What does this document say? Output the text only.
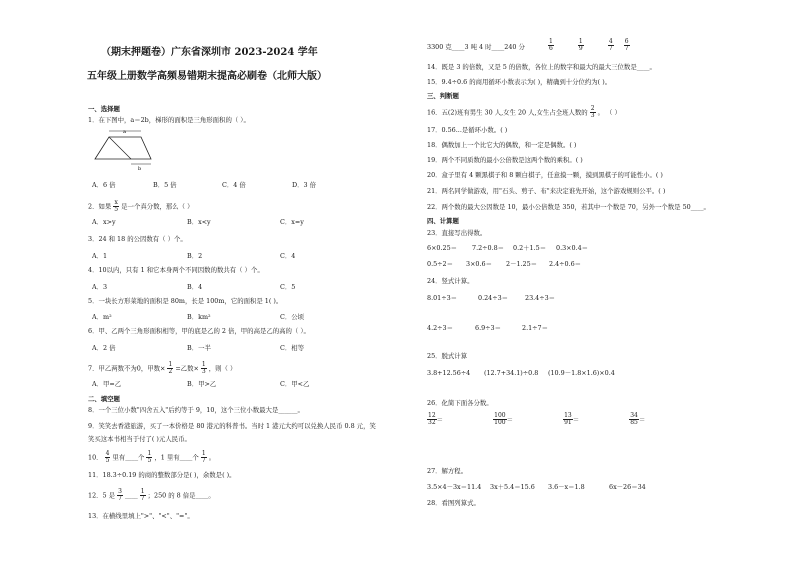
（期末押题卷）广东省深圳市 2023-2024 学年
五年级上册数学高频易错期末提高必刷卷（北师大版）
一、选择题
1．在下图中，a＝2b，梯形的面积是三角形面积的（ ）。
a
b
A．6 倍	B．5 倍	C．4 倍	D．3 倍
2．如果 $\frac{x}{5}$ 是一个真分数，那么（ ）
A．x>y	B．x<y	C．x=y
3．24 和 18 的公因数有（ ）个。
A．1	B．2	C．4
4．10以内，只有 1 和它本身两个不同因数的数共有（ ）个。
A．3	B．4	C．5
5．一块长方形菜地的面积是 80m，长是 100m，它的面积是 1( )。
A．m²	B．km²	C．公顷
6．甲、乙两个三角形面积相等，甲的底是乙的 2 倍，甲的高是乙的高的（ ）。
A．2 倍	B．一半	C．相等
7．甲乙两数不为0，甲数× $\frac{1}{2}$ =乙数× $\frac{1}{3}$ ，则（ ）
A．甲=乙	B．甲>乙	C．甲<乙
二、填空题
8．一个三位小数"四舍五入"后约等于 9，10，这个三位小数最大是______。
9．笑笑去香港旅游，买了一本价格是 80 港元的科普书。当时 1 港元大约可以兑换人民币 0.8 元，笑
笑买这本书相当于付了( )元人民币。
10． $\frac{4}{5}$ 里有____个 $\frac{1}{5}$ ，1 里有____个 $\frac{1}{7}$ 。
11．18.3÷0.19 的商的整数部分是( )，余数是( )。
12．5 是 $\frac{3}{7}$ ____ $\frac{1}{7}$ ；250 的 8 倍是____。
13．在横线里填上">"、"<"、"="。
3300 克____3 吨 4 时____240 分	$\frac{1}{6}$
	$\frac{1}{9}$
	$\frac{4}{7}$
$\frac{6}{7}$
14．既是 3 的倍数，又是 5 的倍数，各位上的数字和最大的最大三位数是____。
15．9.4÷0.6 的商用循环小数表示为( )，精确到十分位约为( )。
三、判断题
16．五(2)班有男生 30 人,女生 20 人,女生占全班人数的 $\frac{2}{3}$ 。 （ ）
17．0.56...是循环小数。( )
18．偶数加上一个比它大的偶数，和一定是偶数。( )
19．两个不同质数的最小公倍数是这两个数的乘积。( )
20．盒子里有 4 颗黑棋子和 8 颗白棋子，任意摸一颗，摸到黑棋子的可能性小。( )
21．两名同学做游戏，用"石头、剪子、布"来决定谁先开始，这个游戏规则公平。( )
22．两个数的最大公因数是 10，最小公倍数是 350，若其中一个数是 70，另外一个数是 50____。
四、计算题
23．直接写出得数。
6×0.25＝ 7.2÷0.8＝ 0.2＋1.5＝ 0.3×0.4＝
0.5÷2＝ 3×0.6＝ 2－1.25＝ 2.4÷0.6＝
24．竖式计算。
8.01÷3＝	0.24÷3＝	23.4÷3＝
4.2÷3＝	6.9÷3＝	2.1÷7＝
25．脱式计算
3.8+12.56÷4 (12.7+34.1)÷0.8 (10.9－1.8×1.6)×0.4
26．化简下面各分数。
$\frac{12}{32}$ ＝	$\frac{100}{100}$ ＝	$\frac{13}{91}$ ＝	$\frac{34}{85}$ ＝
27．解方程。
3.5×4－3x＝11.4 3x＋5.4＝15.6 3.6－x＝1.8	6x－26＝34
28．看图列算式。
